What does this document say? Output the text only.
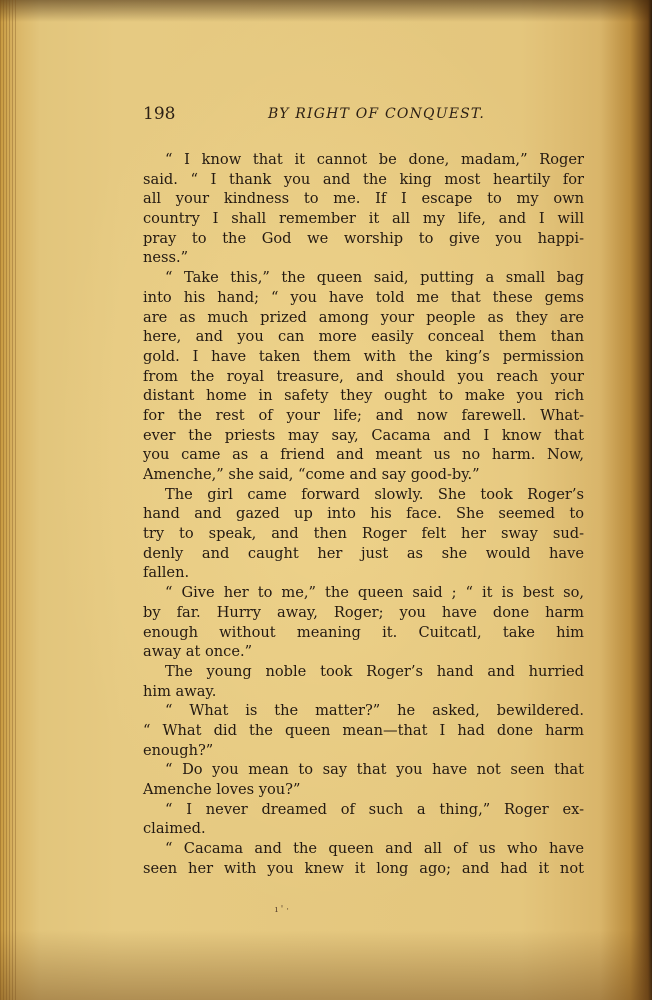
198	BY RIGHT OF CONQUEST.
“ I know that it cannot be done, madam,” Roger
said. “ I thank you and the king most heartily for
all your kindness to me. If I escape to my own
country I shall remember it all my life, and I will
pray to the God we worship to give you happi-
ness.”
“ Take this,” the queen said, putting a small bag
into his hand; “ you have told me that these gems
are as much prized among your people as they are
here, and you can more easily conceal them than
gold. I have taken them with the king’s permission
from the royal treasure, and should you reach your
distant home in safety they ought to make you rich
for the rest of your life; and now farewell. What-
ever the priests may say, Cacama and I know that
you came as a friend and meant us no harm. Now,
Amenche,” she said, “come and say good-by.”
The girl came forward slowly. She took Roger’s
hand and gazed up into his face. She seemed to
try to speak, and then Roger felt her sway sud-
denly and caught her just as she would have
fallen.
“ Give her to me,” the queen said ; “ it is best so,
by far. Hurry away, Roger; you have done harm
enough without meaning it. Cuitcatl, take him
away at once.”
The young noble took Roger’s hand and hurried
him away.
“ What is the matter?” he asked, bewildered.
“ What did the queen mean—that I had done harm
enough?”
“ Do you mean to say that you have not seen that
Amenche loves you?”
“ I never dreamed of such a thing,” Roger ex-
claimed.
“ Cacama and the queen and all of us who have
seen her with you knew it long ago; and had it not
ı ' ·
